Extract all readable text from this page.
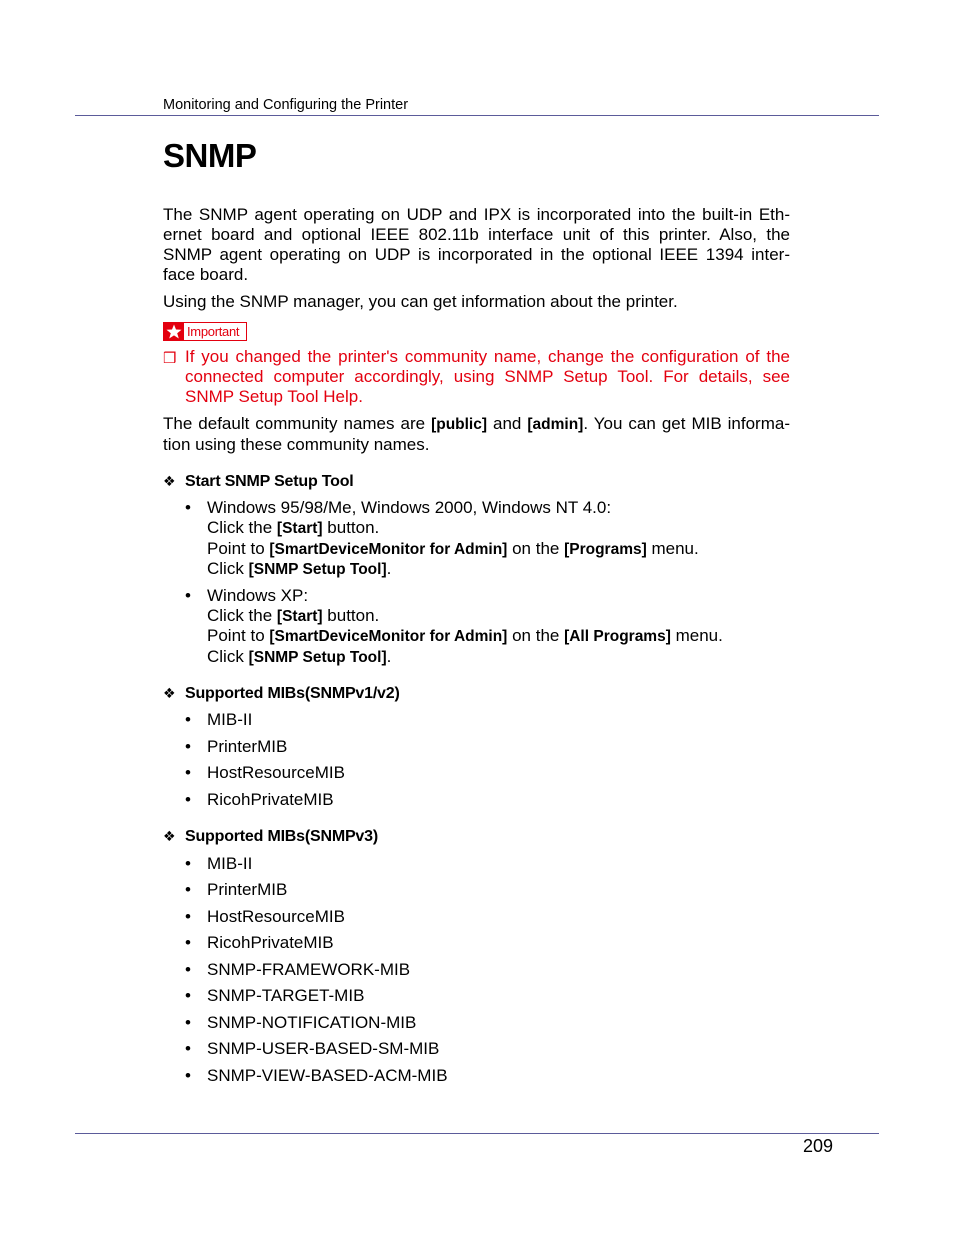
Monitoring and Configuring the Printer
SNMP
The SNMP agent operating on UDP and IPX is incorporated into the built-in Eth-
ernet board and optional IEEE 802.11b interface unit of this printer. Also, the
SNMP agent operating on UDP is incorporated in the optional IEEE 1394 inter-
face board.
Using the SNMP manager, you can get information about the printer.
Important
❒ If you changed the printer's community name, change the configuration of the
connected computer accordingly, using SNMP Setup Tool. For details, see
SNMP Setup Tool Help.
The default community names are [public] and [admin]. You can get MIB informa-
tion using these community names.
❖ Start SNMP Setup Tool
• Windows 95/98/Me, Windows 2000, Windows NT 4.0:
Click the [Start] button.
Point to [SmartDeviceMonitor for Admin] on the [Programs] menu.
Click [SNMP Setup Tool].
• Windows XP:
Click the [Start] button.
Point to [SmartDeviceMonitor for Admin] on the [All Programs] menu.
Click [SNMP Setup Tool].
❖ Supported MIBs(SNMPv1/v2)
• MIB-II
• PrinterMIB
• HostResourceMIB
• RicohPrivateMIB
❖ Supported MIBs(SNMPv3)
• MIB-II
• PrinterMIB
• HostResourceMIB
• RicohPrivateMIB
• SNMP-FRAMEWORK-MIB
• SNMP-TARGET-MIB
• SNMP-NOTIFICATION-MIB
• SNMP-USER-BASED-SM-MIB
• SNMP-VIEW-BASED-ACM-MIB
209
